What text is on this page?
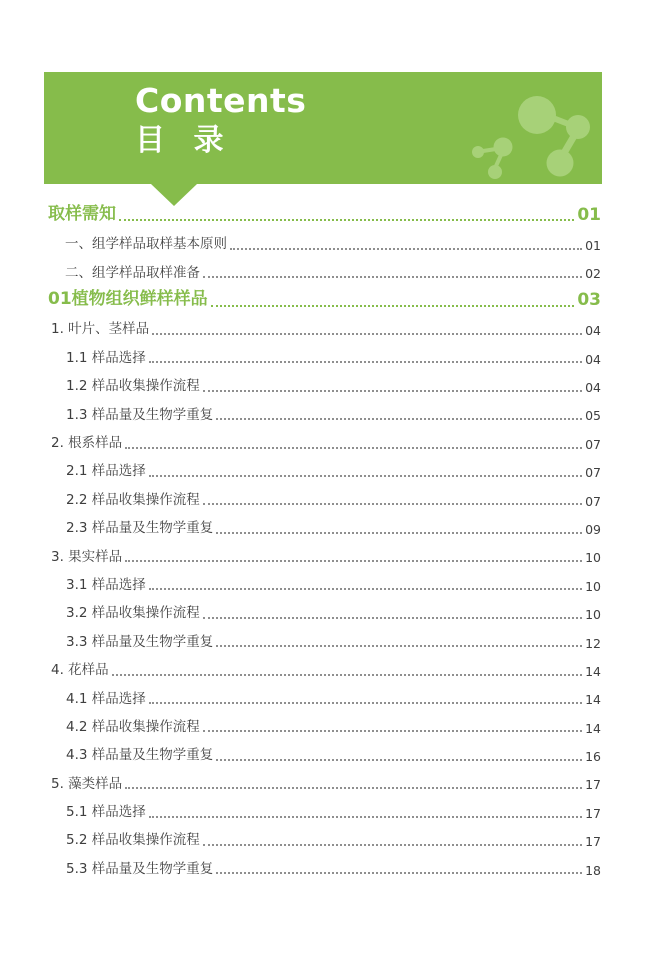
Contents
目 录
取样需知	01
一、组学样品取样基本原则	01
二、组学样品取样准备	02
01植物组织鲜样样品	03
1. 叶片、茎样品	04
1.1 样品选择	04
1.2 样品收集操作流程	04
1.3 样品量及生物学重复	05
2. 根系样品	07
2.1 样品选择	07
2.2 样品收集操作流程	07
2.3 样品量及生物学重复	09
3. 果实样品	10
3.1 样品选择	10
3.2 样品收集操作流程	10
3.3 样品量及生物学重复	12
4. 花样品	14
4.1 样品选择	14
4.2 样品收集操作流程	14
4.3 样品量及生物学重复	16
5. 藻类样品	17
5.1 样品选择	17
5.2 样品收集操作流程	17
5.3 样品量及生物学重复	18
